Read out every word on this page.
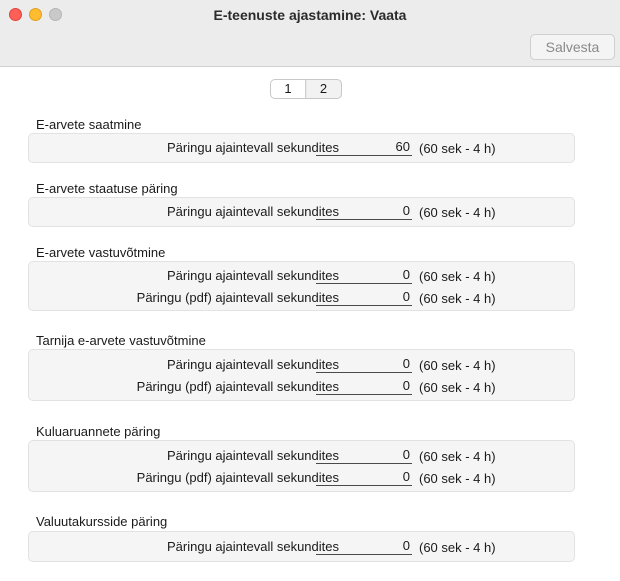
E-teenuste ajastamine: Vaata
Salvesta
1	2
E-arvete saatmine
Päringu ajaintevall sekundites	60 (60 sek - 4 h)
E-arvete staatuse päring
Päringu ajaintevall sekundites	0 (60 sek - 4 h)
E-arvete vastuvõtmine
Päringu ajaintevall sekundites	0 (60 sek - 4 h)
Päringu (pdf) ajaintevall sekundites	0 (60 sek - 4 h)
Tarnija e-arvete vastuvõtmine
Päringu ajaintevall sekundites	0 (60 sek - 4 h)
Päringu (pdf) ajaintevall sekundites	0 (60 sek - 4 h)
Kuluaruannete päring
Päringu ajaintevall sekundites	0 (60 sek - 4 h)
Päringu (pdf) ajaintevall sekundites	0 (60 sek - 4 h)
Valuutakursside päring
Päringu ajaintevall sekundites	0 (60 sek - 4 h)
